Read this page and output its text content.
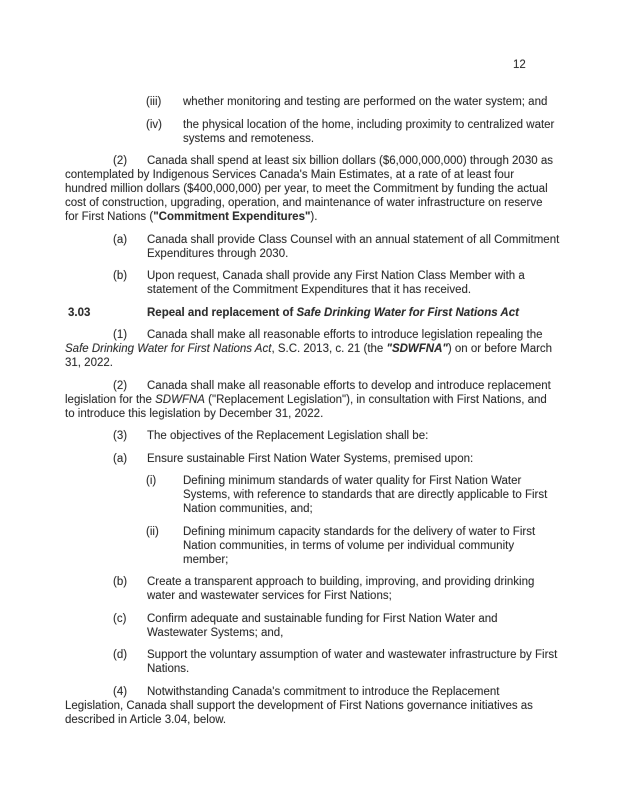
12
(iii) whether monitoring and testing are performed on the water system; and
(iv) the physical location of the home, including proximity to centralized water
systems and remoteness.
(2) Canada shall spend at least six billion dollars ($6,000,000,000) through 2030 as
contemplated by Indigenous Services Canada's Main Estimates, at a rate of at least four
hundred million dollars ($400,000,000) per year, to meet the Commitment by funding the actual
cost of construction, upgrading, operation, and maintenance of water infrastructure on reserve
for First Nations ("Commitment Expenditures").
(a) Canada shall provide Class Counsel with an annual statement of all Commitment
Expenditures through 2030.
(b) Upon request, Canada shall provide any First Nation Class Member with a
statement of the Commitment Expenditures that it has received.
3.03	Repeal and replacement of Safe Drinking Water for First Nations Act
(1) Canada shall make all reasonable efforts to introduce legislation repealing the
Safe Drinking Water for First Nations Act, S.C. 2013, c. 21 (the "SDWFNA") on or before March
31, 2022.
(2) Canada shall make all reasonable efforts to develop and introduce replacement
legislation for the SDWFNA ("Replacement Legislation"), in consultation with First Nations, and
to introduce this legislation by December 31, 2022.
(3) The objectives of the Replacement Legislation shall be:
(a) Ensure sustainable First Nation Water Systems, premised upon:
(i) Defining minimum standards of water quality for First Nation Water
Systems, with reference to standards that are directly applicable to First
Nation communities, and;
(ii) Defining minimum capacity standards for the delivery of water to First
Nation communities, in terms of volume per individual community
member;
(b) Create a transparent approach to building, improving, and providing drinking
water and wastewater services for First Nations;
(c) Confirm adequate and sustainable funding for First Nation Water and
Wastewater Systems; and,
(d) Support the voluntary assumption of water and wastewater infrastructure by First
Nations.
(4) Notwithstanding Canada's commitment to introduce the Replacement
Legislation, Canada shall support the development of First Nations governance initiatives as
described in Article 3.04, below.
